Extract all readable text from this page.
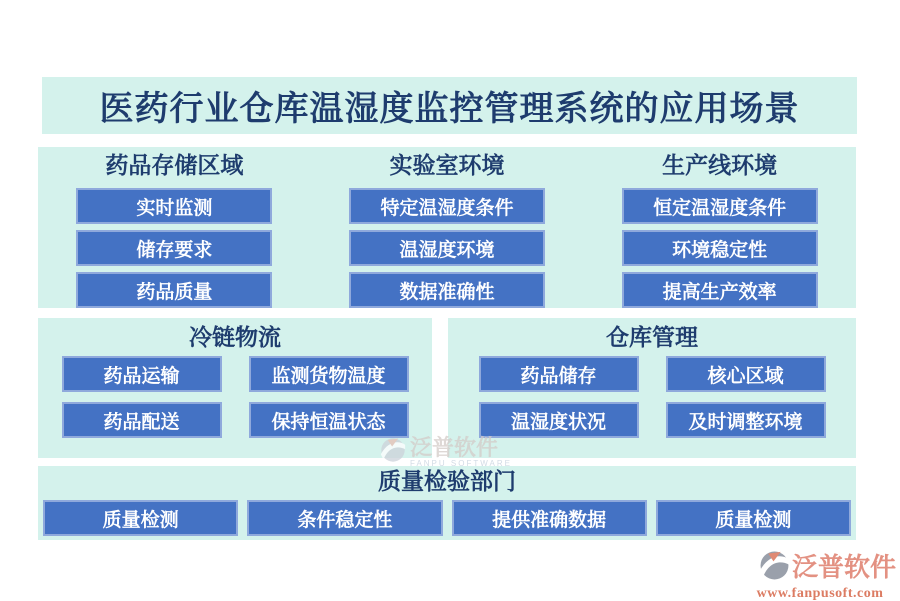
医药行业仓库温湿度监控管理系统的应用场景
药品存储区域
实时监测
储存要求
药品质量
实验室环境
特定温湿度条件
温湿度环境
数据准确性
生产线环境
恒定温湿度条件
环境稳定性
提高生产效率
冷链物流
药品运输	监测货物温度
药品配送	保持恒温状态
仓库管理
药品储存	核心区域
温湿度状况	及时调整环境
质量检验部门
质量检测	条件稳定性	提供准确数据	质量检测
泛普软件
FANPU SOFTWARE
泛普软件
www.fanpusoft.com
